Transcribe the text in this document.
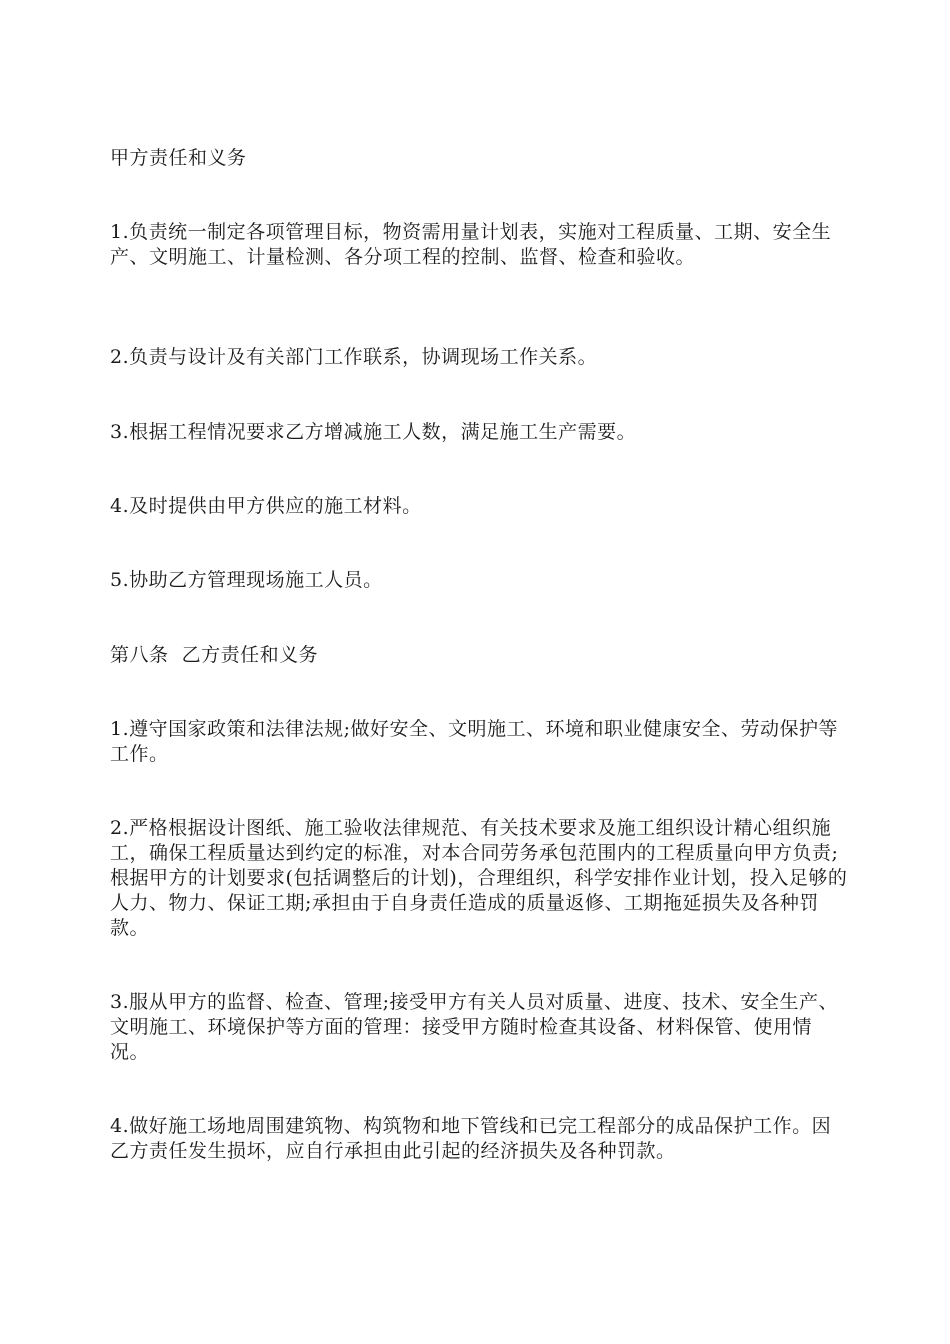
甲方责任和义务

1.负责统一制定各项管理目标，物资需用量计划表，实施对工程质量、工期、安全生产、文明施工、计量检测、各分项工程的控制、监督、检查和验收。

2.负责与设计及有关部门工作联系，协调现场工作关系。

3.根据工程情况要求乙方增减施工人数，满足施工生产需要。

4.及时提供由甲方供应的施工材料。

5.协助乙方管理现场施工人员。

第八条  乙方责任和义务

1.遵守国家政策和法律法规;做好安全、文明施工、环境和职业健康安全、劳动保护等工作。

2.严格根据设计图纸、施工验收法律规范、有关技术要求及施工组织设计精心组织施工，确保工程质量达到约定的标准，对本合同劳务承包范围内的工程质量向甲方负责;根据甲方的计划要求(包括调整后的计划)，合理组织，科学安排作业计划，投入足够的人力、物力、保证工期;承担由于自身责任造成的质量返修、工期拖延损失及各种罚款。

3.服从甲方的监督、检查、管理;接受甲方有关人员对质量、进度、技术、安全生产、文明施工、环境保护等方面的管理：接受甲方随时检查其设备、材料保管、使用情况。

4.做好施工场地周围建筑物、构筑物和地下管线和已完工程部分的成品保护工作。因乙方责任发生损坏，应自行承担由此引起的经济损失及各种罚款。
